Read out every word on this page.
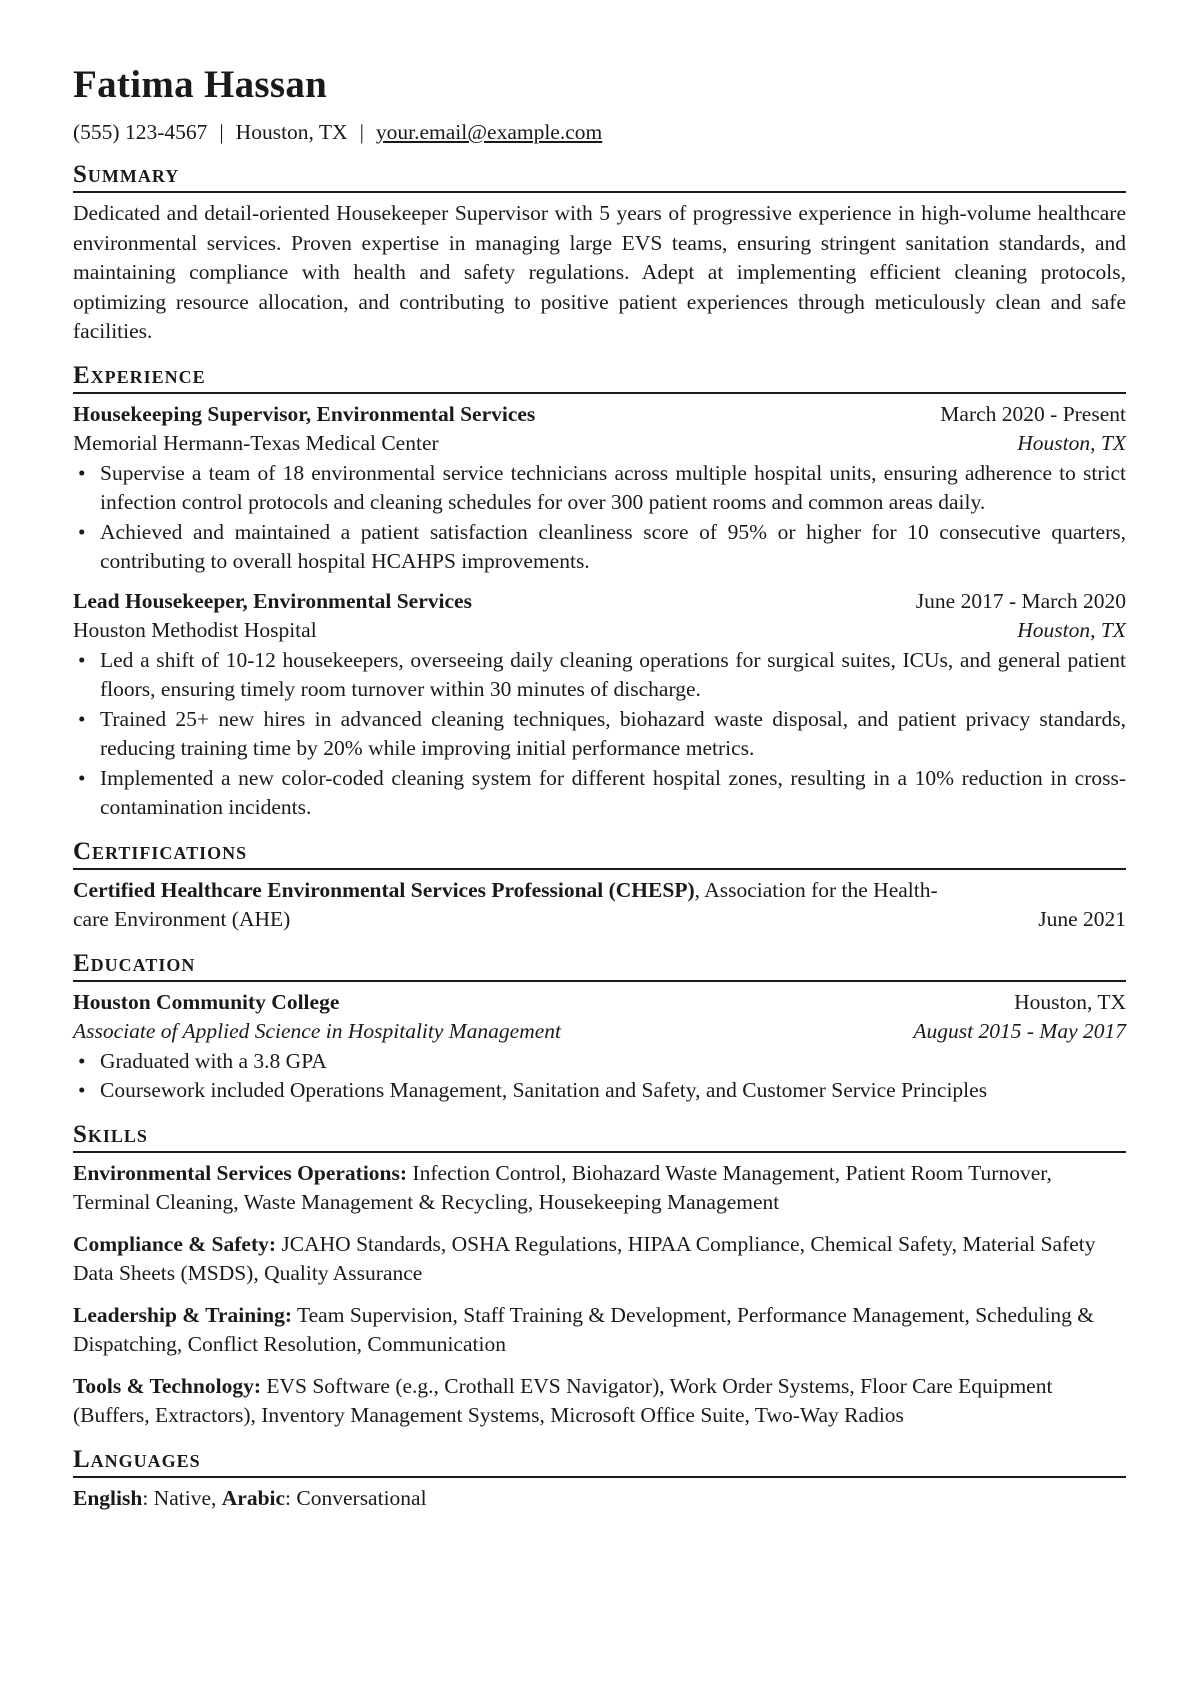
Fatima Hassan
(555) 123-4567 | Houston, TX | your.email@example.com
Summary

Dedicated and detail-oriented Housekeeper Supervisor with 5 years of progressive experience in high-volume healthcare environmental services. Proven expertise in managing large EVS teams, ensuring stringent sanitation standards, and maintaining compliance with health and safety regulations. Adept at implementing efficient cleaning protocols, optimizing resource allocation, and contributing to positive patient experiences through meticulously clean and safe facilities.

Experience
Housekeeping Supervisor, Environmental Services	March 2020 - Present
Memorial Hermann-Texas Medical Center	Houston, TX
• Supervise a team of 18 environmental service technicians across multiple hospital units, ensuring adherence to strict infection control protocols and cleaning schedules for over 300 patient rooms and common areas daily.
• Achieved and maintained a patient satisfaction cleanliness score of 95% or higher for 10 consecutive quarters, contributing to overall hospital HCAHPS improvements.
Lead Housekeeper, Environmental Services	June 2017 - March 2020
Houston Methodist Hospital	Houston, TX
• Led a shift of 10-12 housekeepers, overseeing daily cleaning operations for surgical suites, ICUs, and general patient floors, ensuring timely room turnover within 30 minutes of discharge.
• Trained 25+ new hires in advanced cleaning techniques, biohazard waste disposal, and patient privacy standards, reducing training time by 20% while improving initial performance metrics.
• Implemented a new color-coded cleaning system for different hospital zones, resulting in a 10% reduction in cross-contamination incidents.
Certifications
Certified Healthcare Environmental Services Professional (CHESP), Association for the Health-
care Environment (AHE)	June 2021
Education
Houston Community College	Houston, TX
Associate of Applied Science in Hospitality Management	August 2015 - May 2017
• Graduated with a 3.8 GPA
• Coursework included Operations Management, Sanitation and Safety, and Customer Service Principles
Skills

Environmental Services Operations: Infection Control, Biohazard Waste Management, Patient Room Turnover, Terminal Cleaning, Waste Management & Recycling, Housekeeping Management

Compliance & Safety: JCAHO Standards, OSHA Regulations, HIPAA Compliance, Chemical Safety, Material Safety Data Sheets (MSDS), Quality Assurance

Leadership & Training: Team Supervision, Staff Training & Development, Performance Management, Scheduling & Dispatching, Conflict Resolution, Communication

Tools & Technology: EVS Software (e.g., Crothall EVS Navigator), Work Order Systems, Floor Care Equipment (Buffers, Extractors), Inventory Management Systems, Microsoft Office Suite, Two-Way Radios

Languages

English: Native, Arabic: Conversational
